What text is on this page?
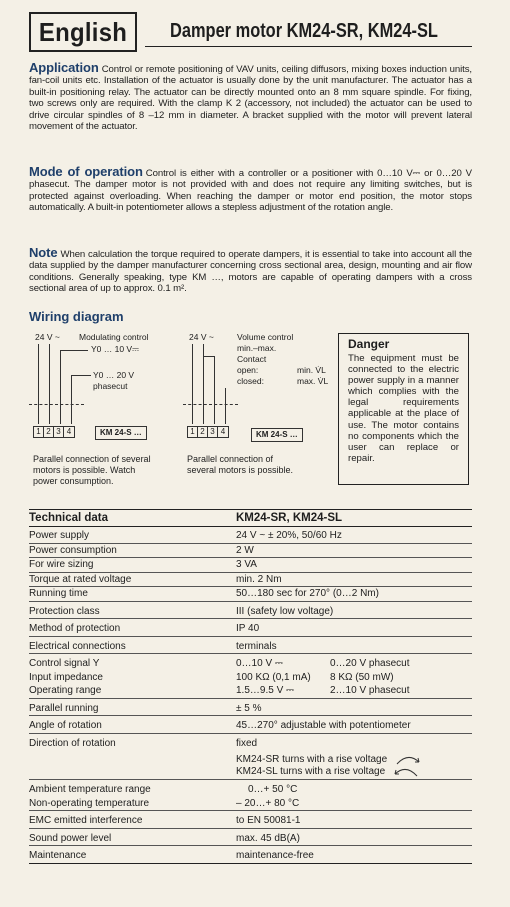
English Damper motor KM24-SR, KM24-SL
Application Control or remote positioning of VAV units, ceiling diffusors, mixing boxes induction units, fan-coil units etc. Installation of the actuator is usually done by the unit manufacturer. The actuator has a built-in positioning relay. The actuator can be directly mounted onto an 8 mm square spindle. For fixing, two screws only are required. With the clamp K 2 (accessory, not included) the actuator can be used to drive circular spindles of 8 –12 mm in diameter. A bracket supplied with the motor will prevent lateral movement of the actuator.
Mode of operation Control is either with a controller or a positioner with 0…10 V⎓ or 0…20 V phasecut. The damper motor is not provided with and does not require any limiting switches, but is protected against overloading. When reaching the damper or motor end position, the motor stops automatically. A built-in potentiometer allows a stepless adjustment of the rotation angle.
Note When calculation the torque required to operate dampers, it is essential to take into account all the data supplied by the damper manufacturer concerning cross sectional area, design, mounting and air flow conditions. Generally speaking, type KM …, motors are capable of operating dampers with a cross sectional area of up to approx. 0.1 m².
Wiring diagram
24 V ~ Modulating control
Y0 … 10 V⎓
Y0 … 20 V
phasecut
1 2 3 4	KM 24-S …
Parallel connection of several
motors is possible. Watch
power consumption.
24 V ~	Volume control
min.–max.
Contact
open:
closed:
min. V̇L
max. V̇L
1 2 3 4	KM 24-S …
Parallel connection of
several motors is possible.
Danger
The equipment must be connected to the electric power supply in a manner which complies with the legal requirements applicable at the place of use. The motor contains no components which the user can replace or repair.
Technical data	KM24-SR, KM24-SL
Power supply	24 V ~ ± 20%, 50/60 Hz
Power consumption	2 W
For wire sizing	3 VA
Torque at rated voltage	min. 2 Nm
Running time	50…180 sec for 270° (0…2 Nm)
Protection class	III (safety low voltage)
Method of protection	IP 40
Electrical connections	terminals
Control signal Y	0…10 V ⎓	0…20 V phasecut
Input impedance	100 KΩ (0,1 mA)	8 KΩ (50 mW)
Operating range	1.5…9.5 V ⎓	2…10 V phasecut
Parallel running	± 5 %
Angle of rotation	45…270° adjustable with potentiometer
Direction of rotation	fixed
KM24-SR turns with a rise voltage
KM24-SL turns with a rise voltage
Ambient temperature range	0…+ 50 °C
Non-operating temperature	– 20…+ 80 °C
EMC emitted interference	to EN 50081-1
Sound power level	max. 45 dB(A)
Maintenance	maintenance-free
